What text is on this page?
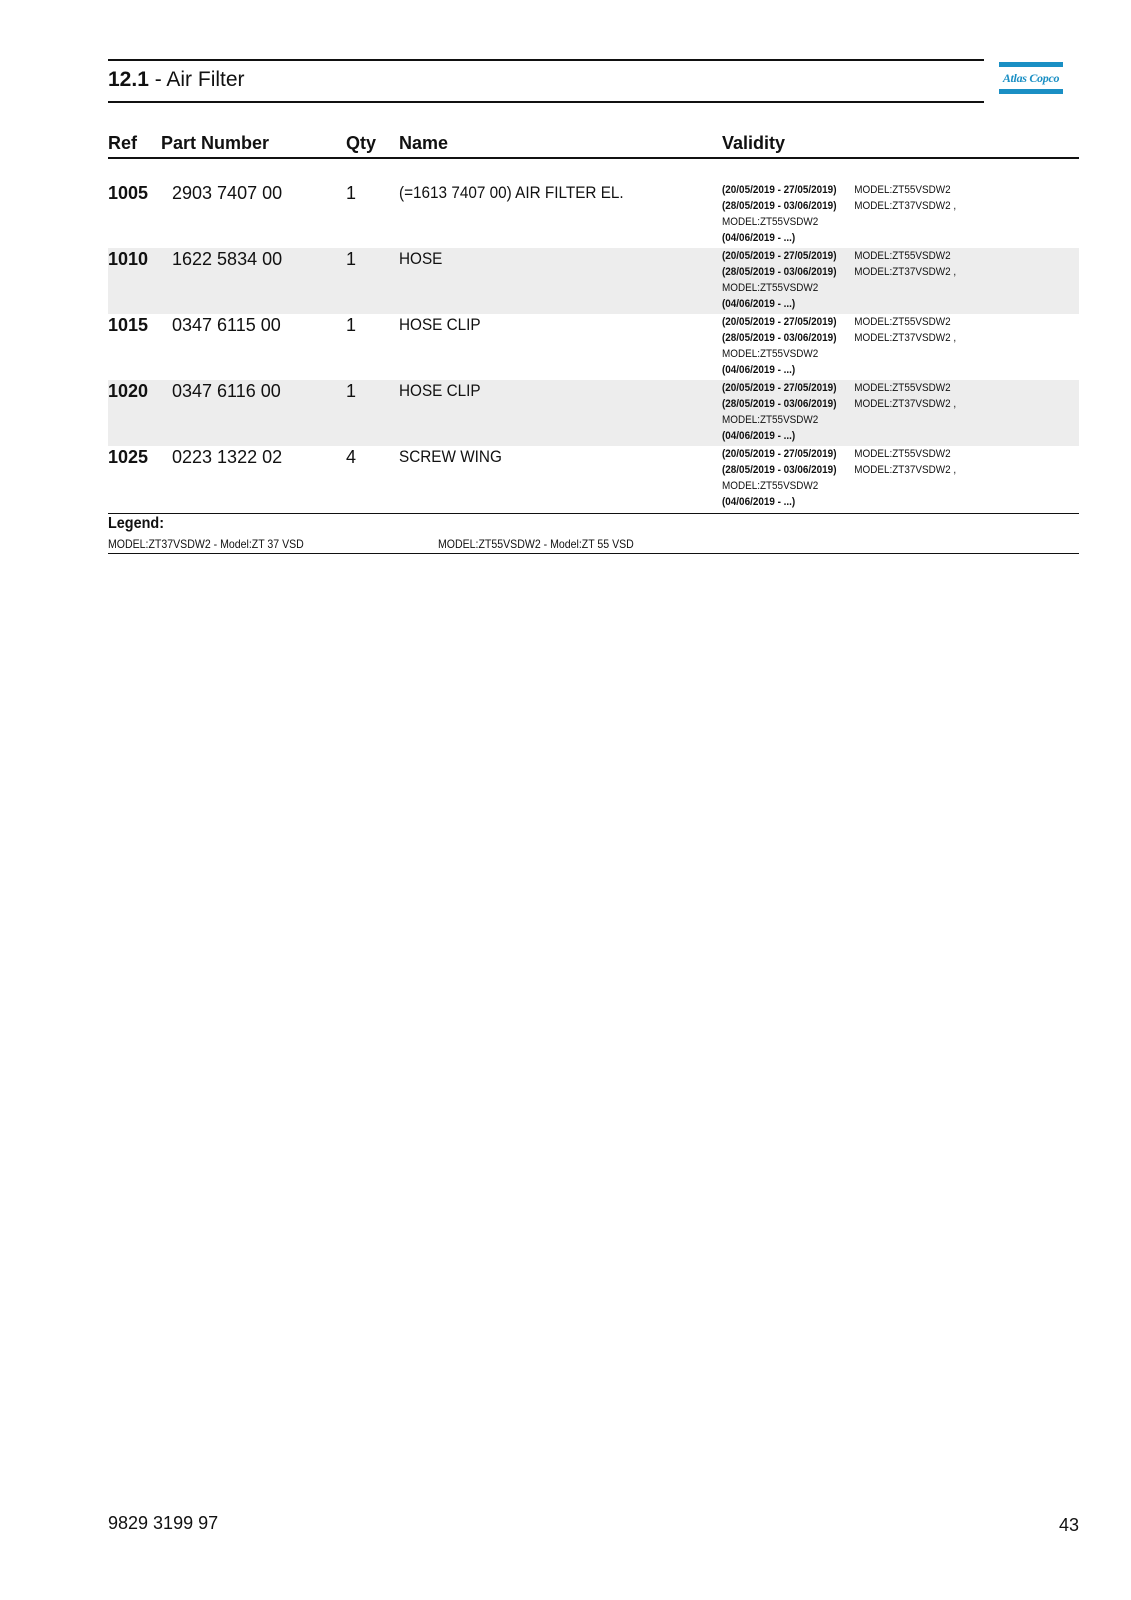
12.1 - Air Filter	Atlas Copco
Ref Part Number	Qty Name	Validity
1005 2903 7407 00	1	(=1613 7407 00) AIR FILTER EL.	(20/05/2019 - 27/05/2019) MODEL:ZT55VSDW2
(28/05/2019 - 03/06/2019) MODEL:ZT37VSDW2 ,
MODEL:ZT55VSDW2
(04/06/2019 - ...)
1010 1622 5834 00	1	HOSE	(20/05/2019 - 27/05/2019) MODEL:ZT55VSDW2
(28/05/2019 - 03/06/2019) MODEL:ZT37VSDW2 ,
MODEL:ZT55VSDW2
(04/06/2019 - ...)
1015 0347 6115 00	1	HOSE CLIP	(20/05/2019 - 27/05/2019) MODEL:ZT55VSDW2
(28/05/2019 - 03/06/2019) MODEL:ZT37VSDW2 ,
MODEL:ZT55VSDW2
(04/06/2019 - ...)
1020 0347 6116 00	1	HOSE CLIP	(20/05/2019 - 27/05/2019) MODEL:ZT55VSDW2
(28/05/2019 - 03/06/2019) MODEL:ZT37VSDW2 ,
MODEL:ZT55VSDW2
(04/06/2019 - ...)
1025 0223 1322 02	4	SCREW WING	(20/05/2019 - 27/05/2019) MODEL:ZT55VSDW2
(28/05/2019 - 03/06/2019) MODEL:ZT37VSDW2 ,
MODEL:ZT55VSDW2
(04/06/2019 - ...)
Legend:
MODEL:ZT37VSDW2 - Model:ZT 37 VSD	MODEL:ZT55VSDW2 - Model:ZT 55 VSD
9829 3199 97	43
